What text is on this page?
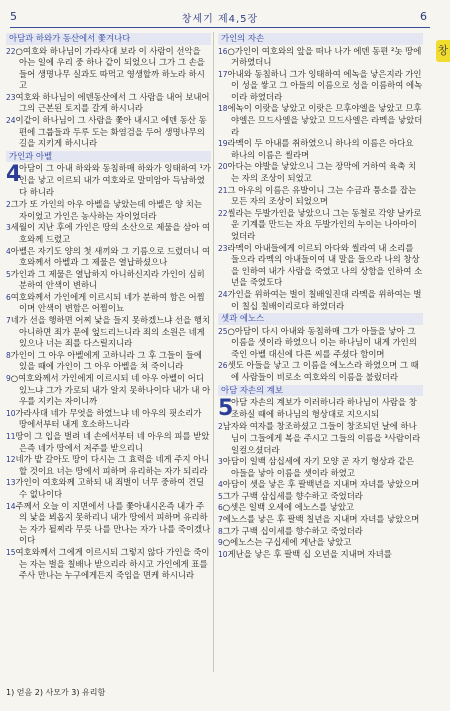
5	창세기 제4,5장	6
창
아담과 하와가 동산에서 쫓겨나다

22○여호와 하나님이 가라사대 보라 이 사람이 선악을 아는 일에 우리 중 하나 같이 되었으니 그가 그 손을 들어 생명나무 실과도 따먹고 영생할까 하노라 하시고

23여호와 하나님이 에덴동산에서 그 사람을 내어 보내어 그의 근본된 토지를 갈게 하시니라

24이같이 하나님이 그 사람을 쫓아 내시고 에덴 동산 동편에 그룹들과 두루 도는 화염검을 두어 생명나무의 길을 지키게 하시니라

가인과 아벨
4
아담이 그 아내 하와와 동침하매 하와가 잉태하여 ¹가인을 낳고 이르되 내가 여호와로 말미암아 득남하였다 하니라

2그가 또 가인의 아우 아벨을 낳았는데 아벨은 양 치는 자이었고 가인은 농사하는 자이었더라

3세월이 지난 후에 가인은 땅의 소산으로 제물을 삼아 여호와께 드렸고

4아벨은 자기도 양의 첫 새끼와 그 기름으로 드렸더니 여호와께서 아벨과 그 제물은 열납하셨으나

5가인과 그 제물은 열납하지 아니하신지라 가인이 심히 분하여 안색이 변하니

6여호와께서 가인에게 이르시되 네가 분하여 함은 어찜이며 안색이 변함은 어찜이뇨

7네가 선을 행하면 어찌 낯을 들지 못하겠느냐 선을 행치 아니하면 죄가 문에 엎드리느니라 죄의 소원은 네게 있으나 너는 죄를 다스릴지니라

8가인이 그 아우 아벨에게 고하니라 그 후 그들이 들에 있을 때에 가인이 그 아우 아벨을 쳐 죽이니라

9○여호와께서 가인에게 이르시되 네 아우 아벨이 어디 있느냐 그가 가로되 내가 알지 못하나이다 내가 내 아우를 지키는 자이니까

10가라사대 네가 무엇을 하였느냐 네 아우의 핏소리가 땅에서부터 내게 호소하느니라

11땅이 그 입을 벌려 네 손에서부터 네 아우의 피를 받았은즉 네가 땅에서 저주를 받으리니

12네가 밭 갈아도 땅이 다시는 그 효력을 네게 주지 아니할 것이요 너는 땅에서 피하며 유리하는 자가 되리라

13가인이 여호와께 고하되 내 죄벌이 너무 중하여 견딜 수 없나이다

14주께서 오늘 이 지면에서 나를 쫓아내시온즉 내가 주의 낯을 뵈옵지 못하리니 내가 땅에서 피하며 유리하는 자가 될찌라 무릇 나를 만나는 자가 나를 죽이겠나이다

15여호와께서 그에게 이르시되 그렇지 않다 가인을 죽이는 자는 벌을 칠배나 받으리라 하시고 가인에게 표를 주사 만나는 누구에게든지 죽임을 면케 하시니라

가인의 자손

16○가인이 여호와의 앞을 떠나 나가 에덴 동편 ²놋 땅에 거하였더니

17아내와 동침하니 그가 잉태하여 에녹을 낳은지라 가인이 성을 쌓고 그 아들의 이름으로 성을 이름하여 에녹이라 하였더라

18에녹이 이랏을 낳았고 이랏은 므후야엘을 낳았고 므후야엘은 므드사엘을 낳았고 므드사엘은 라멕을 낳았더라

19라멕이 두 아내를 취하였으니 하나의 이름은 아다요 하나의 이름은 씰라며

20아다는 야발을 낳았으니 그는 장막에 거하여 육축 치는 자의 조상이 되었고

21그 아우의 이름은 유발이니 그는 수금과 퉁소를 잡는 모든 자의 조상이 되었으며

22씰라는 두발가인을 낳았으니 그는 동철로 각양 날카로운 기계를 만드는 자요 두발가인의 누이는 나아마이었더라

23라멕이 아내들에게 이르되 아다와 씰라여 내 소리를 들으라 라멕의 아내들이여 내 말을 들으라 나의 창상을 인하여 내가 사람을 죽였고 나의 상함을 인하여 소년을 죽였도다

24가인을 위하여는 벌이 칠배일진대 라멕을 위하여는 벌이 칠십 칠배이리로다 하였더라

셋과 에노스

25○아담이 다시 아내와 동침하매 그가 아들을 낳아 그 이름을 셋이라 하였으니 이는 하나님이 내게 가인의 죽인 아벨 대신에 다른 씨를 주셨다 함이며

26셋도 아들을 낳고 그 이름을 에노스라 하였으며 그 때에 사람들이 비로소 여호와의 이름을 불렀더라

아담 자손의 계보
5
아담 자손의 계보가 이러하니라 하나님이 사람을 창조하실 때에 하나님의 형상대로 지으시되

2남자와 여자를 창조하셨고 그들이 창조되던 날에 하나님이 그들에게 복을 주시고 그들의 이름을 ³사람이라 일컬으셨더라

3아담이 일백 삼십세에 자기 모양 곧 자기 형상과 같은 아들을 낳아 이름을 셋이라 하였고

4아담이 셋을 낳은 후 팔백년을 지내며 자녀를 낳았으며

5그가 구백 삼십세를 향수하고 죽었더라

6○셋은 일백 오세에 에노스를 낳았고

7에노스를 낳은 후 팔백 칠년을 지내며 자녀를 낳았으며

8그가 구백 십이세를 향수하고 죽었더라

9○에노스는 구십세에 게난을 낳았고

10게난을 낳은 후 팔백 십 오년을 지내며 자녀를

1) 얻음 2) 사모가 3) 유리함
